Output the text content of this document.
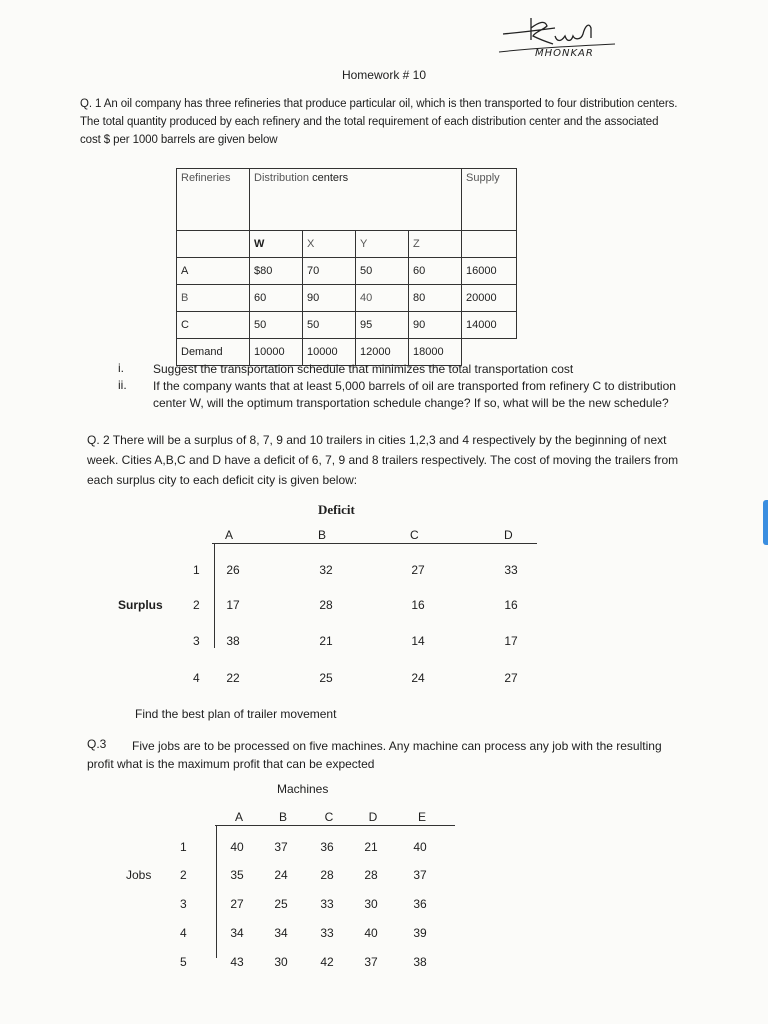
MHONKAR
Homework # 10
Q. 1 An oil company has three refineries that produce particular oil, which is then transported to four distribution centers. The total quantity produced by each refinery and the total requirement of each distribution center and the associated cost $ per 1000 barrels are given below
Refineries	Distribution centers				Supply
	W	X	Y	Z	
A	$80	70	50	60	16000
B	60	90	40	80	20000
C	50	50	95	90	14000
Demand	10000	10000	12000	18000	
i.	Suggest the transportation schedule that minimizes the total transportation cost
ii.	If the company wants that at least 5,000 barrels of oil are transported from refinery C to distribution center W, will the optimum transportation schedule change? If so, what will be the new schedule?
Q. 2 There will be a surplus of 8, 7, 9 and 10 trailers in cities 1,2,3 and 4 respectively by the beginning of next week. Cities A,B,C and D have a deficit of 6, 7, 9 and 8 trailers respectively. The cost of moving the trailers from each surplus city to each deficit city is given below:
Deficit
A	B	C	D
Surplus
1	26	32	27	33
2	17	28	16	16
3	38	21	14	17
4	22	25	24	27
Find the best plan of trailer movement
Q.3	Five jobs are to be processed on five machines. Any machine can process any job with the resulting profit what is the maximum profit that can be expected
Machines
Jobs
A	B	C	D	E
1	40	37	36	21	40
2	35	24	28	28	37
3	27	25	33	30	36
4	34	34	33	40	39
5	43	30	42	37	38
